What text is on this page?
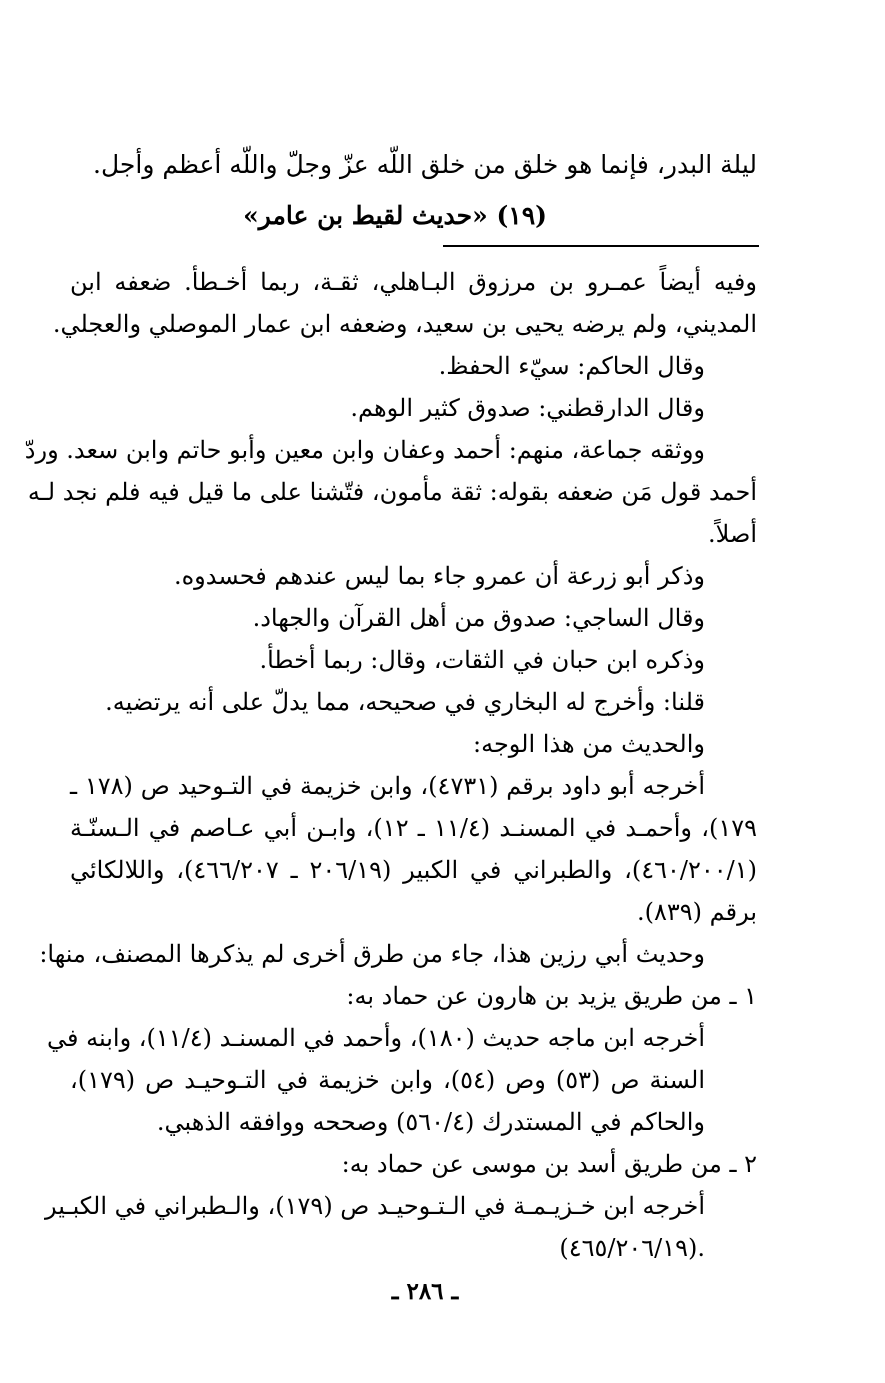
ليلة البدر، فإنما هو خلق من خلق اللّه عزّ وجلّ واللّه أعظم وأجل.
(١٩) «حديث لقيط بن عامر»
وفيه أيضاً عمـرو بن مرزوق البـاهلي، ثقـة، ربما أخـطأ. ضعفه ابن
المديني، ولم يرضه يحيى بن سعيد، وضعفه ابن عمار الموصلي والعجلي.
وقال الحاكم: سيّء الحفظ.
وقال الدارقطني: صدوق كثير الوهم.
ووثقه جماعة، منهم: أحمد وعفان وابن معين وأبو حاتم وابن سعد. وردّ
أحمد قول مَن ضعفه بقوله: ثقة مأمون، فتّشنا على ما قيل فيه فلم نجد لـه
أصلاً.
وذكر أبو زرعة أن عمرو جاء بما ليس عندهم فحسدوه.
وقال الساجي: صدوق من أهل القرآن والجهاد.
وذكره ابن حبان في الثقات، وقال: ربما أخطأ.
قلنا: وأخرج له البخاري في صحيحه، مما يدلّ على أنه يرتضيه.
والحديث من هذا الوجه:
أخرجه أبو داود برقم (٤٧٣١)، وابن خزيمة في التـوحيد ص (١٧٨ ـ
١٧٩)، وأحمـد في المسنـد (١١/٤ ـ ١٢)، وابـن أبي عـاصم في الـسنّـة
(٤٦٠/٢٠٠/١)، والطبراني في الكبير (٢٠٦/١٩ ـ ٤٦٦/٢٠٧)، واللالكائي
برقم (٨٣٩).
وحديث أبي رزين هذا، جاء من طرق أخرى لم يذكرها المصنف، منها:
١ ـ من طريق يزيد بن هارون عن حماد به:
أخرجه ابن ماجه حديث (١٨٠)، وأحمد في المسنـد (١١/٤)، وابنه في
السنة ص (٥٣) وص (٥٤)، وابن خزيمة في التـوحيـد ص (١٧٩)،
والحاكم في المستدرك (٥٦٠/٤) وصححه ووافقه الذهبي.
٢ ـ من طريق أسد بن موسى عن حماد به:
أخرجه ابن خـزيـمـة في الـتـوحيـد ص (١٧٩)، والـطبراني في الكبـير
(٤٦٥/٢٠٦/١٩).
ـ ٢٨٦ ـ
